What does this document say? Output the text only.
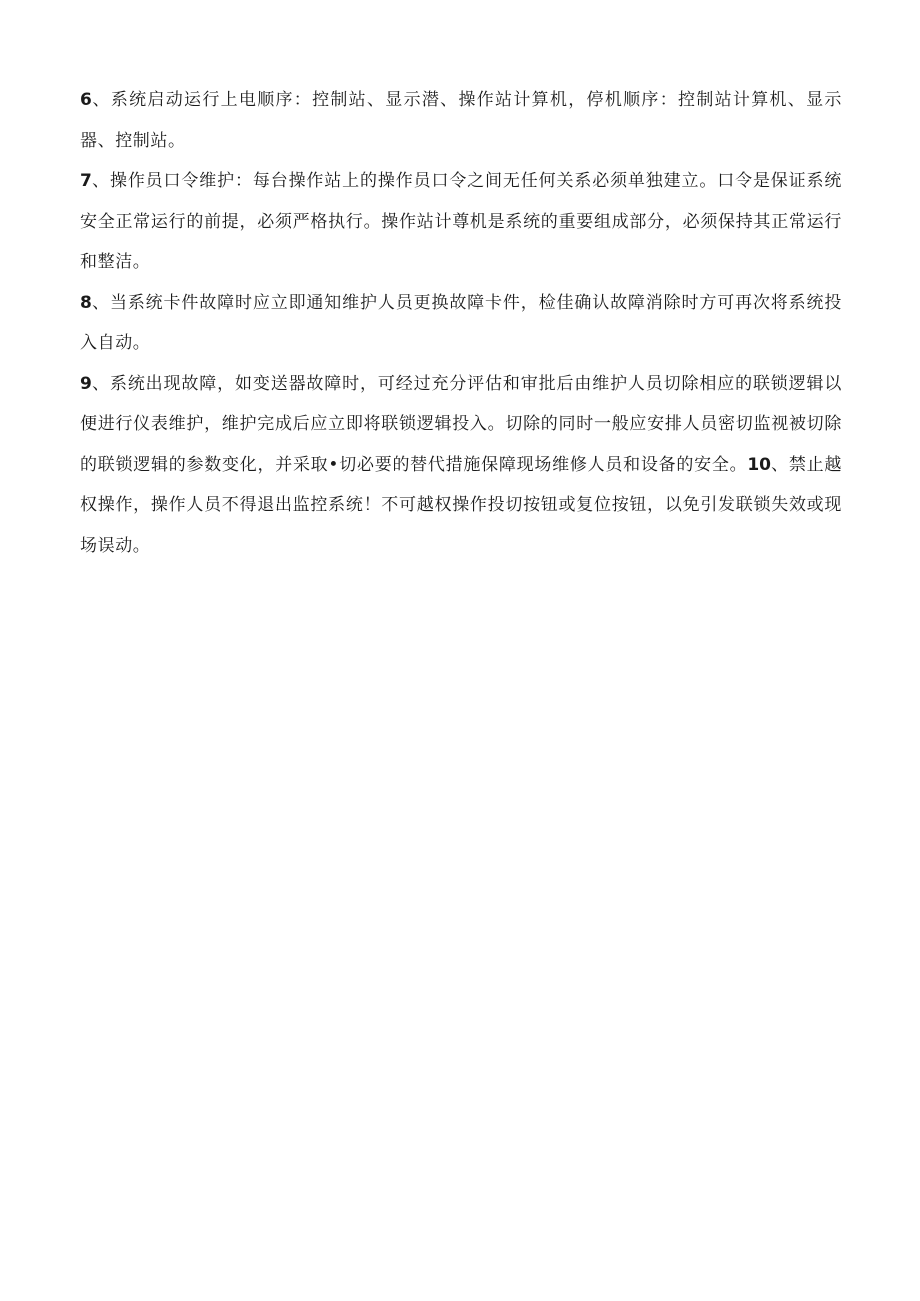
6、系统启动运行上电顺序：控制站、显示潜、操作站计算机，停机顺序：控制站计算机、显示器、控制站。

7、操作员口令维护：每台操作站上的操作员口令之间无任何关系必须单独建立。口令是保证系统安全正常运行的前提，必须严格执行。操作站计尊机是系统的重要组成部分，必须保持其正常运行和整洁。

8、当系统卡件故障时应立即通知维护人员更换故障卡件，检佳确认故障消除时方可再次将系统投入自动。

9、系统出现故障，如变送器故障时，可经过充分评估和审批后由维护人员切除相应的联锁逻辑以便进行仪表维护，维护完成后应立即将联锁逻辑投入。切除的同时一般应安排人员密切监视被切除的联锁逻辑的参数变化，并采取•切必要的替代措施保障现场维修人员和设备的安全。10、禁止越权操作，操作人员不得退出监控系统！不可越权操作投切按钮或复位按钮，以免引发联锁失效或现场误动。
